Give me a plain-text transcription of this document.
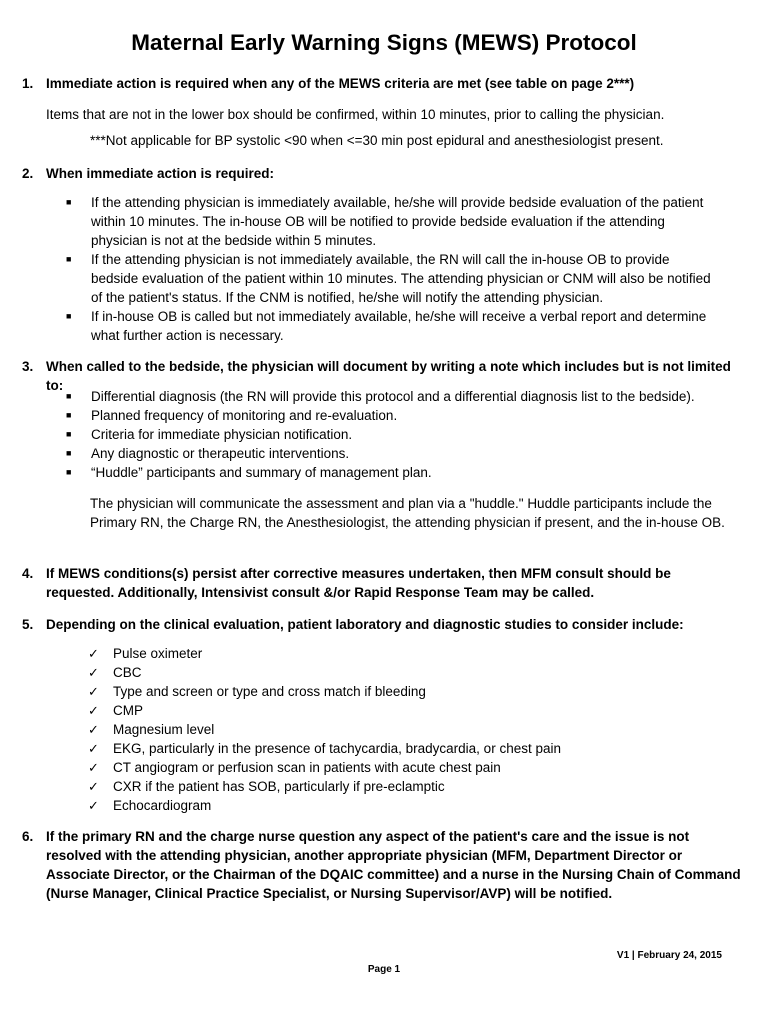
Maternal Early Warning Signs (MEWS) Protocol
1. Immediate action is required when any of the MEWS criteria are met (see table on page 2***)
Items that are not in the lower box should be confirmed, within 10 minutes, prior to calling the physician.
***Not applicable for BP systolic <90 when <=30 min post epidural and anesthesiologist present.
2. When immediate action is required:
■ If the attending physician is immediately available, he/she will provide bedside evaluation of the patient within 10 minutes. The in-house OB will be notified to provide bedside evaluation if the attending physician is not at the bedside within 5 minutes.
■ If the attending physician is not immediately available, the RN will call the in-house OB to provide bedside evaluation of the patient within 10 minutes. The attending physician or CNM will also be notified of the patient's status. If the CNM is notified, he/she will notify the attending physician.
■ If in-house OB is called but not immediately available, he/she will receive a verbal report and determine what further action is necessary.
3. When called to the bedside, the physician will document by writing a note which includes but is not limited to:
■ Differential diagnosis (the RN will provide this protocol and a differential diagnosis list to the bedside).
■ Planned frequency of monitoring and re-evaluation.
■ Criteria for immediate physician notification.
■ Any diagnostic or therapeutic interventions.
■ “Huddle” participants and summary of management plan.
The physician will communicate the assessment and plan via a "huddle." Huddle participants include the Primary RN, the Charge RN, the Anesthesiologist, the attending physician if present, and the in-house OB.
4. If MEWS conditions(s) persist after corrective measures undertaken, then MFM consult should be requested. Additionally, Intensivist consult &/or Rapid Response Team may be called.
5. Depending on the clinical evaluation, patient laboratory and diagnostic studies to consider include:
✓ Pulse oximeter
✓ CBC
✓ Type and screen or type and cross match if bleeding
✓ CMP
✓ Magnesium level
✓ EKG, particularly in the presence of tachycardia, bradycardia, or chest pain
✓ CT angiogram or perfusion scan in patients with acute chest pain
✓ CXR if the patient has SOB, particularly if pre-eclamptic
✓ Echocardiogram
6. If the primary RN and the charge nurse question any aspect of the patient's care and the issue is not resolved with the attending physician, another appropriate physician (MFM, Department Director or Associate Director, or the Chairman of the DQAIC committee) and a nurse in the Nursing Chain of Command (Nurse Manager, Clinical Practice Specialist, or Nursing Supervisor/AVP) will be notified.
V1 | February 24, 2015
Page 1
